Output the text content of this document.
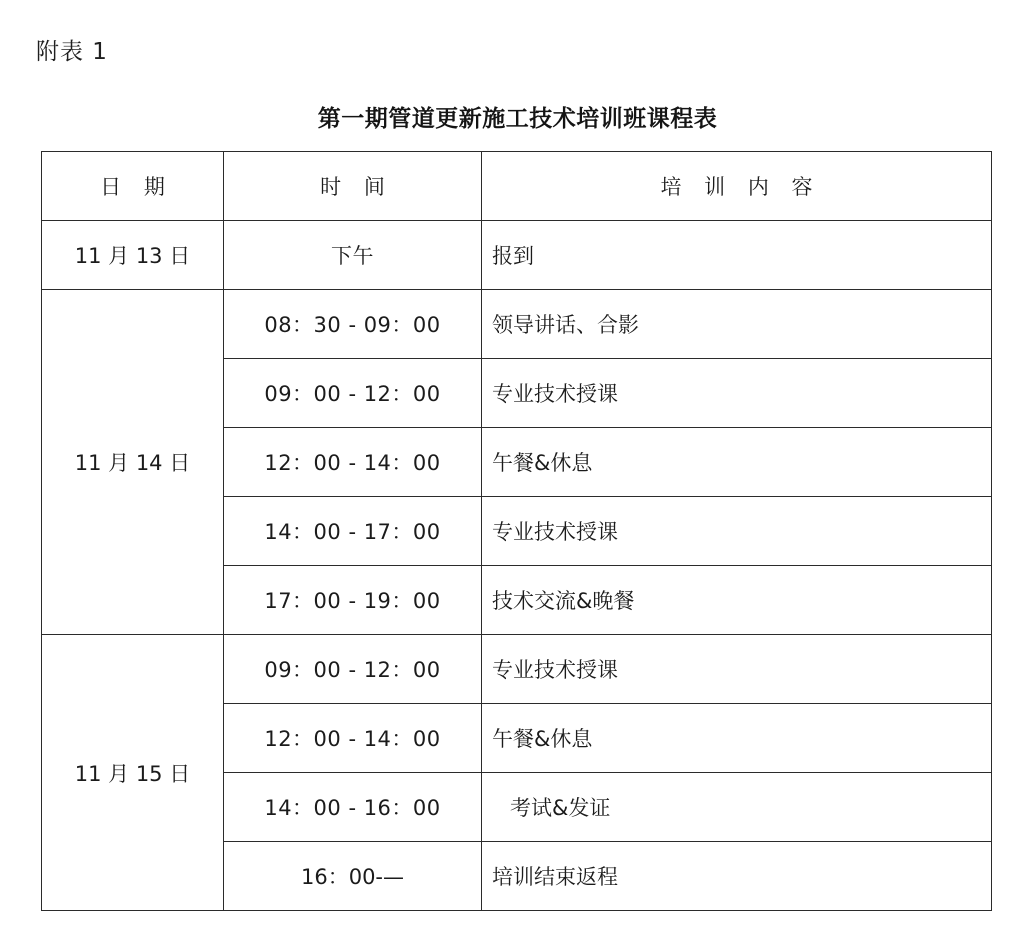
附表 1
第一期管道更新施工技术培训班课程表
日 期	时 间	培 训 内 容
11 月 13 日	下午	报到
11 月 14 日	08：30 - 09：00	领导讲话、合影
	09：00 - 12：00	专业技术授课
	12：00 - 14：00	午餐&休息
	14：00 - 17：00	专业技术授课
	17：00 - 19：00	技术交流&晚餐
11 月 15 日	09：00 - 12：00	专业技术授课
	12：00 - 14：00	午餐&休息
	14：00 - 16：00	考试&发证
	16：00-—	培训结束返程
